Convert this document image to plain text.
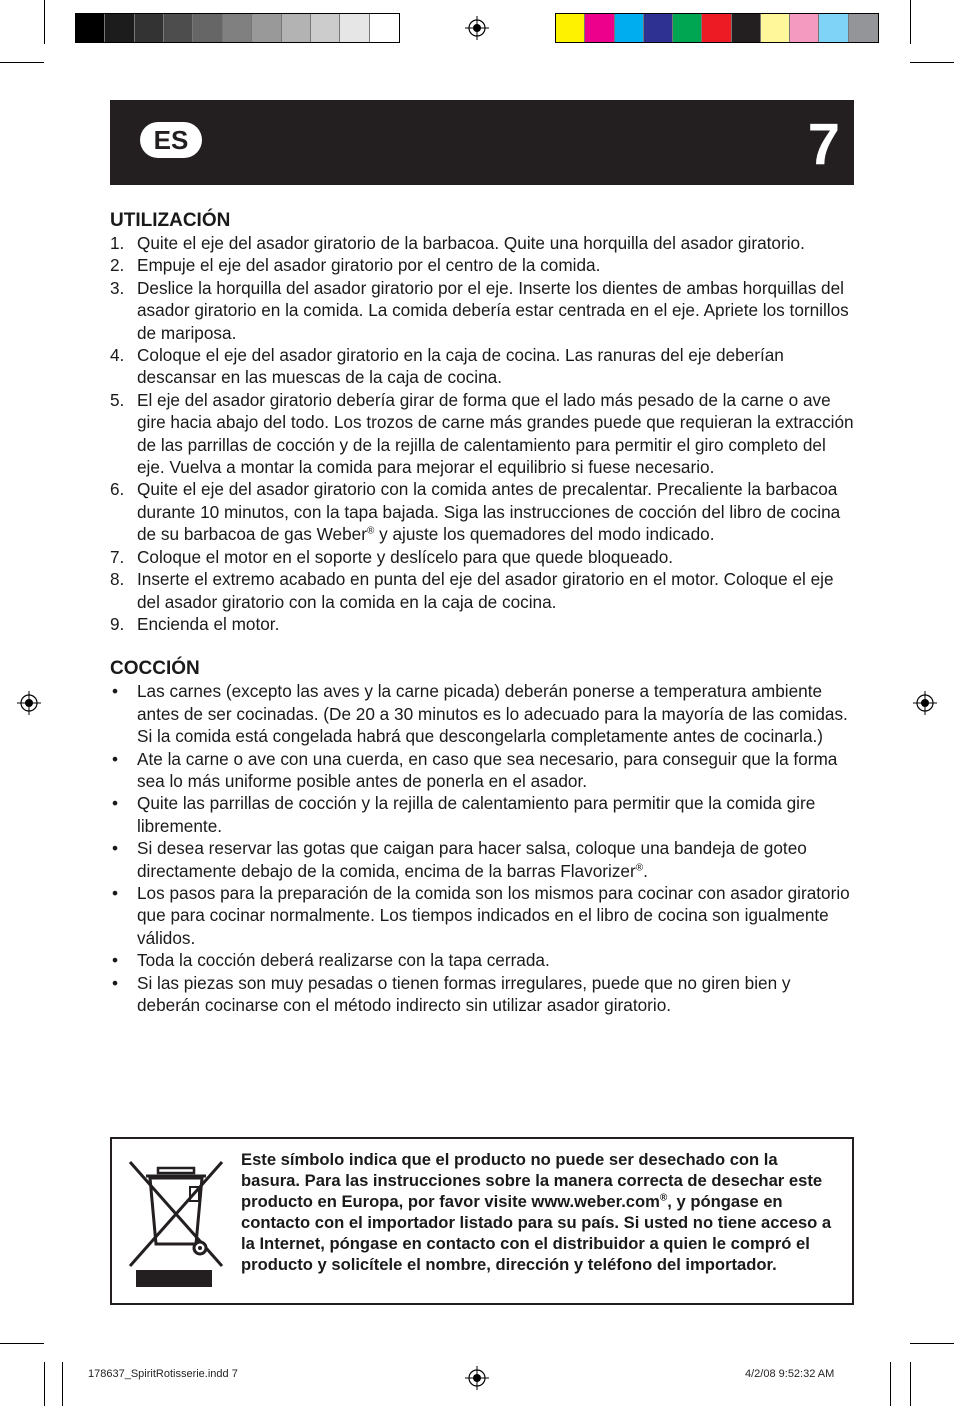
ES	7
UTILIZACIÓN
1. Quite el eje del asador giratorio de la barbacoa. Quite una horquilla del asador giratorio.
2. Empuje el eje del asador giratorio por el centro de la comida.
3. Deslice la horquilla del asador giratorio por el eje. Inserte los dientes de ambas horquillas del asador giratorio en la comida. La comida debería estar centrada en el eje. Apriete los tornillos de mariposa.
4. Coloque el eje del asador giratorio en la caja de cocina. Las ranuras del eje deberían descansar en las muescas de la caja de cocina.
5. El eje del asador giratorio debería girar de forma que el lado más pesado de la carne o ave gire hacia abajo del todo. Los trozos de carne más grandes puede que requieran la extracción de las parrillas de cocción y de la rejilla de calentamiento para permitir el giro completo del eje. Vuelva a montar la comida para mejorar el equilibrio si fuese necesario.
6. Quite el eje del asador giratorio con la comida antes de precalentar. Precaliente la barbacoa durante 10 minutos, con la tapa bajada. Siga las instrucciones de cocción del libro de cocina de su barbacoa de gas Weber® y ajuste los quemadores del modo indicado.
7. Coloque el motor en el soporte y deslícelo para que quede bloqueado.
8. Inserte el extremo acabado en punta del eje del asador giratorio en el motor. Coloque el eje del asador giratorio con la comida en la caja de cocina.
9. Encienda el motor.
COCCIÓN
• Las carnes (excepto las aves y la carne picada) deberán ponerse a temperatura ambiente antes de ser cocinadas. (De 20 a 30 minutos es lo adecuado para la mayoría de las comidas. Si la comida está congelada habrá que descongelarla completamente antes de cocinarla.)
• Ate la carne o ave con una cuerda, en caso que sea necesario, para conseguir que la forma sea lo más uniforme posible antes de ponerla en el asador.
• Quite las parrillas de cocción y la rejilla de calentamiento para permitir que la comida gire libremente.
• Si desea reservar las gotas que caigan para hacer salsa, coloque una bandeja de goteo directamente debajo de la comida, encima de la barras Flavorizer®.
• Los pasos para la preparación de la comida son los mismos para cocinar con asador giratorio que para cocinar normalmente. Los tiempos indicados en el libro de cocina son igualmente válidos.
• Toda la cocción deberá realizarse con la tapa cerrada.
• Si las piezas son muy pesadas o tienen formas irregulares, puede que no giren bien y deberán cocinarse con el método indirecto sin utilizar asador giratorio.
Este símbolo indica que el producto no puede ser desechado con la basura. Para las instrucciones sobre la manera correcta de desechar este producto en Europa, por favor visite www.weber.com®, y póngase en contacto con el importador listado para su país. Si usted no tiene acceso a la Internet, póngase en contacto con el distribuidor a quien le compró el producto y solicítele el nombre, dirección y teléfono del importador.
178637_SpiritRotisserie.indd 7	4/2/08 9:52:32 AM
